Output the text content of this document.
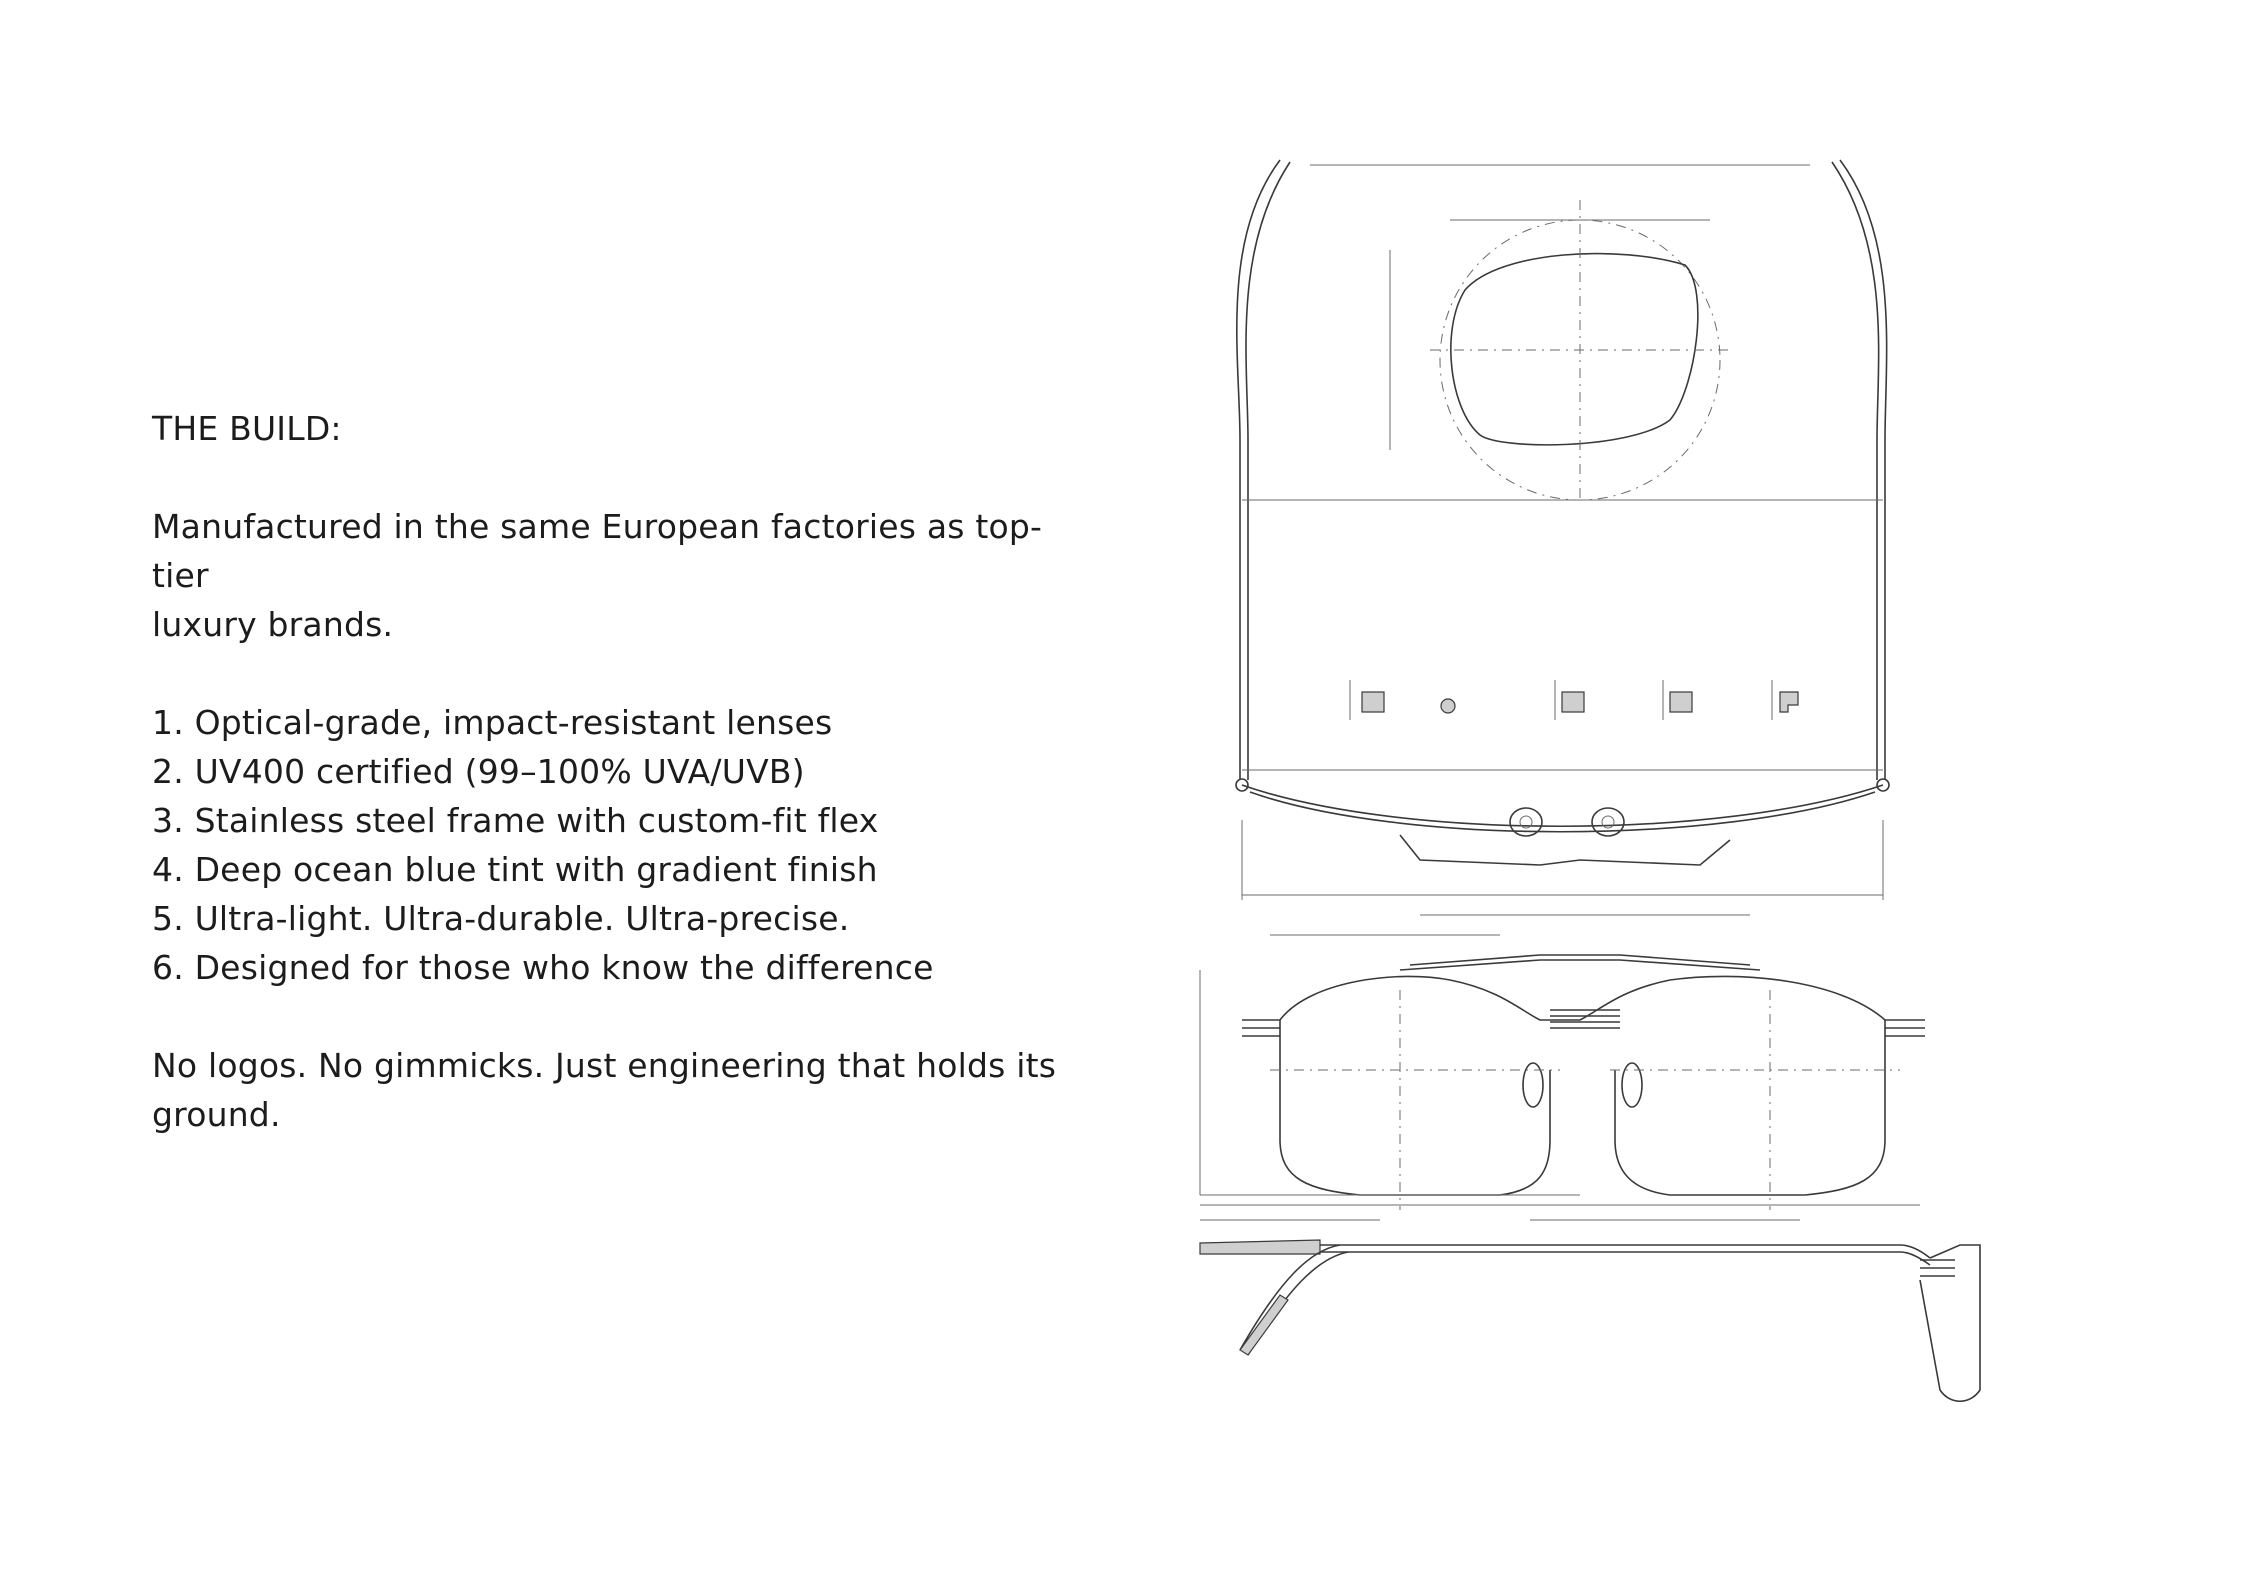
THE BUILD:

Manufactured in the same European factories as top-tier
luxury brands.

1. Optical-grade, impact-resistant lenses
2. UV400 certified (99–100% UVA/UVB)
3. Stainless steel frame with custom-fit flex
4. Deep ocean blue tint with gradient finish
5. Ultra-light. Ultra-durable. Ultra-precise.
6. Designed for those who know the difference

No logos. No gimmicks. Just engineering that holds its
ground.
